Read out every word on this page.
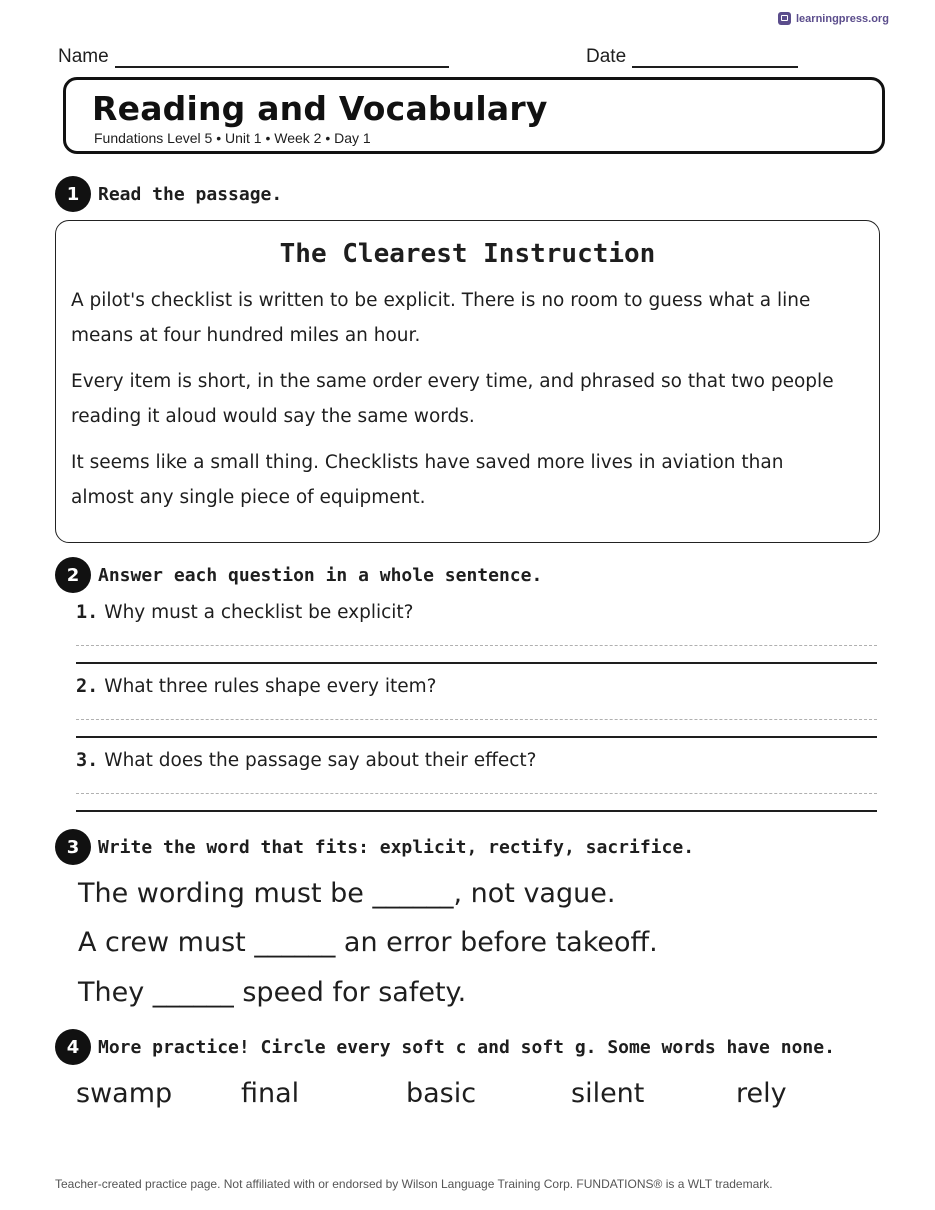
learningpress.org
Name	Date
Reading and Vocabulary
Fundations Level 5 • Unit 1 • Week 2 • Day 1
1	Read the passage.
The Clearest Instruction
A pilot's checklist is written to be explicit. There is no room to guess what a line means at four hundred miles an hour.
Every item is short, in the same order every time, and phrased so that two people reading it aloud would say the same words.
It seems like a small thing. Checklists have saved more lives in aviation than almost any single piece of equipment.
2	Answer each question in a whole sentence.
1. Why must a checklist be explicit?
2. What three rules shape every item?
3. What does the passage say about their effect?
3	Write the word that fits: explicit, rectify, sacrifice.
The wording must be ______, not vague.
A crew must ______ an error before takeoff.
They ______ speed for safety.
4	More practice! Circle every soft c and soft g. Some words have none.
swamp	final	basic	silent	rely
Teacher-created practice page. Not affiliated with or endorsed by Wilson Language Training Corp. FUNDATIONS® is a WLT trademark.
